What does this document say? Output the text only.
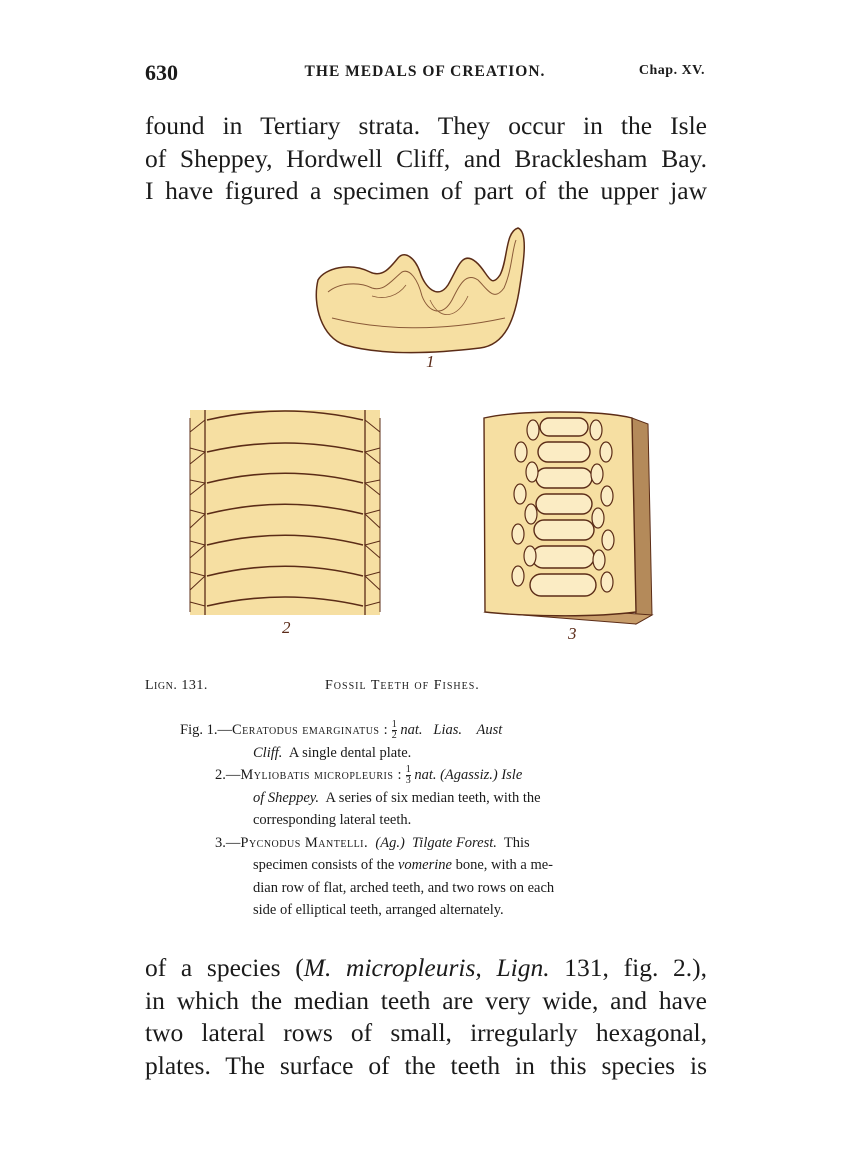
630	THE MEDALS OF CREATION.	Chap. XV.
found in Tertiary strata. They occur in the Isle
of Sheppey, Hordwell Cliff, and Bracklesham Bay.
I have figured a specimen of part of the upper jaw
1
2	3
Lign. 131.	Fossil Teeth of Fishes.

Fig. 1.—Ceratodus emarginatus : $\frac{1}{2}$ nat. Lias. Aust
Cliff. A single dental plate.

2.—Myliobatis micropleuris : $\frac{1}{3}$ nat. (Agassiz.) Isle
of Sheppey. A series of six median teeth, with the
corresponding lateral teeth.

3.—Pycnodus Mantelli. (Ag.) Tilgate Forest. This
specimen consists of the vomerine bone, with a me-
dian row of flat, arched teeth, and two rows on each
side of elliptical teeth, arranged alternately.

of a species (M. micropleuris, Lign. 131, fig. 2.),
in which the median teeth are very wide, and have
two lateral rows of small, irregularly hexagonal,
plates. The surface of the teeth in this species is
